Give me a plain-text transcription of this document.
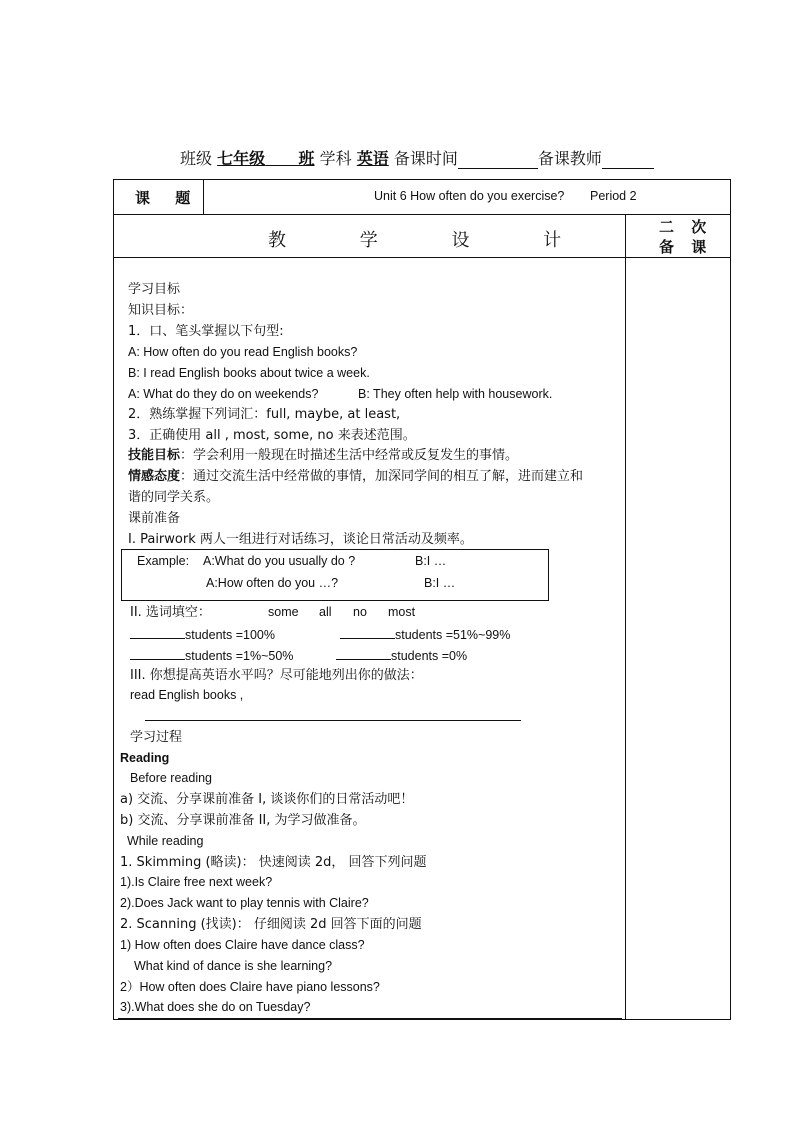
班级 七年级 班 学科 英语 备课时间	备课教师
课 题	Unit 6 How often do you exercise? Period 2
教 学 设 计
二 次
备 课
学习目标
知识目标：
1．口、笔头掌握以下句型:
A: How often do you read English books?
B: I read English books about twice a week.
A: What do they do on weekends?	B: They often help with housework.
2．熟练掌握下列词汇：full, maybe, at least,
3．正确使用 all , most, some, no 来表述范围。
技能目标：学会利用一般现在时描述生活中经常或反复发生的事情。
情感态度：通过交流生活中经常做的事情，加深同学间的相互了解，进而建立和
谐的同学关系。
课前准备
I. Pairwork 两人一组进行对话练习，谈论日常活动及频率。
Example: A:What do you usually do ?	B:I …
A:How often do you …?	B:I …
II. 选词填空：	some all no most
students =100%	students =51%~99%
students =1%~50%	students =0%
III. 你想提高英语水平吗？尽可能地列出你的做法：
read English books ,
学习过程
Reading
Before reading
a) 交流、分享课前准备 I, 谈谈你们的日常活动吧！
b) 交流、分享课前准备 II, 为学习做准备。
While reading
1. Skimming (略读)： 快速阅读 2d， 回答下列问题
1).Is Claire free next week?
2).Does Jack want to play tennis with Claire?
2. Scanning (找读)： 仔细阅读 2d 回答下面的问题
1) How often does Claire have dance class?
What kind of dance is she learning?
2）How often does Claire have piano lessons?
3).What does she do on Tuesday?
